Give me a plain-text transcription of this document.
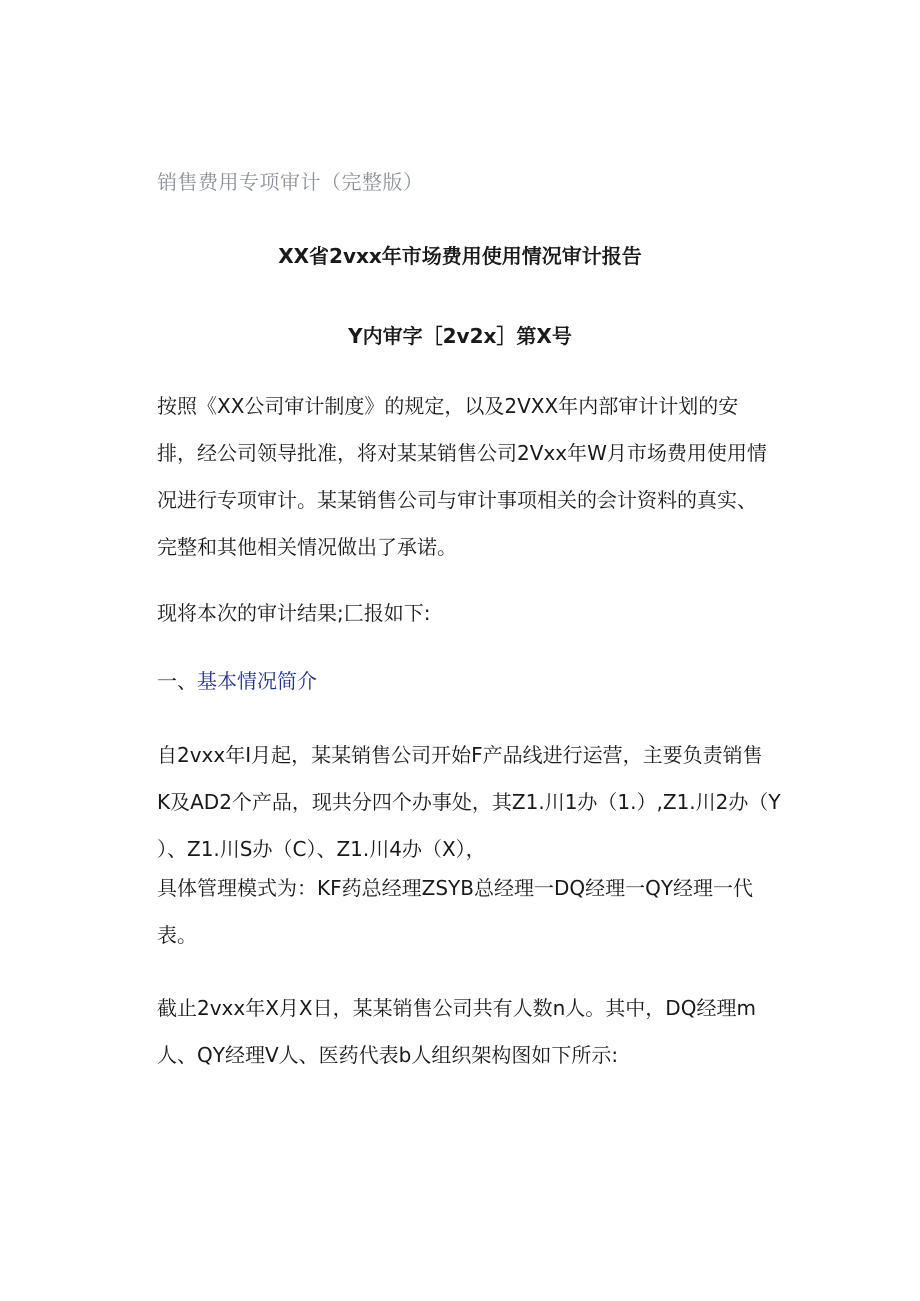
销售费用专项审计（完整版）
XX省2vxx年市场费用使用情况审计报告
Y内审字［2v2x］第X号
按照《XX公司审计制度》的规定，以及2VXX年内部审计计划的安
排，经公司领导批准，将对某某销售公司2Vxx年W月市场费用使用情
况进行专项审计。某某销售公司与审计事项相关的会计资料的真实、
完整和其他相关情况做出了承诺。
现将本次的审计结果;匚报如下:
一、基本情况简介
自2vxx年I月起，某某销售公司开始F产品线进行运营，主要负责销售
K及AD2个产品，现共分四个办事处，其Z1.川1办（1.）,Z1.川2办（Y
）、Z1.川S办（C）、Z1.川4办（X），
具体管理模式为：KF药总经理ZSYB总经理一DQ经理一QY经理一代
表。
截止2vxx年X月X日，某某销售公司共有人数n人。其中，DQ经理m
人、QY经理V人、医药代表b人组织架构图如下所示:
